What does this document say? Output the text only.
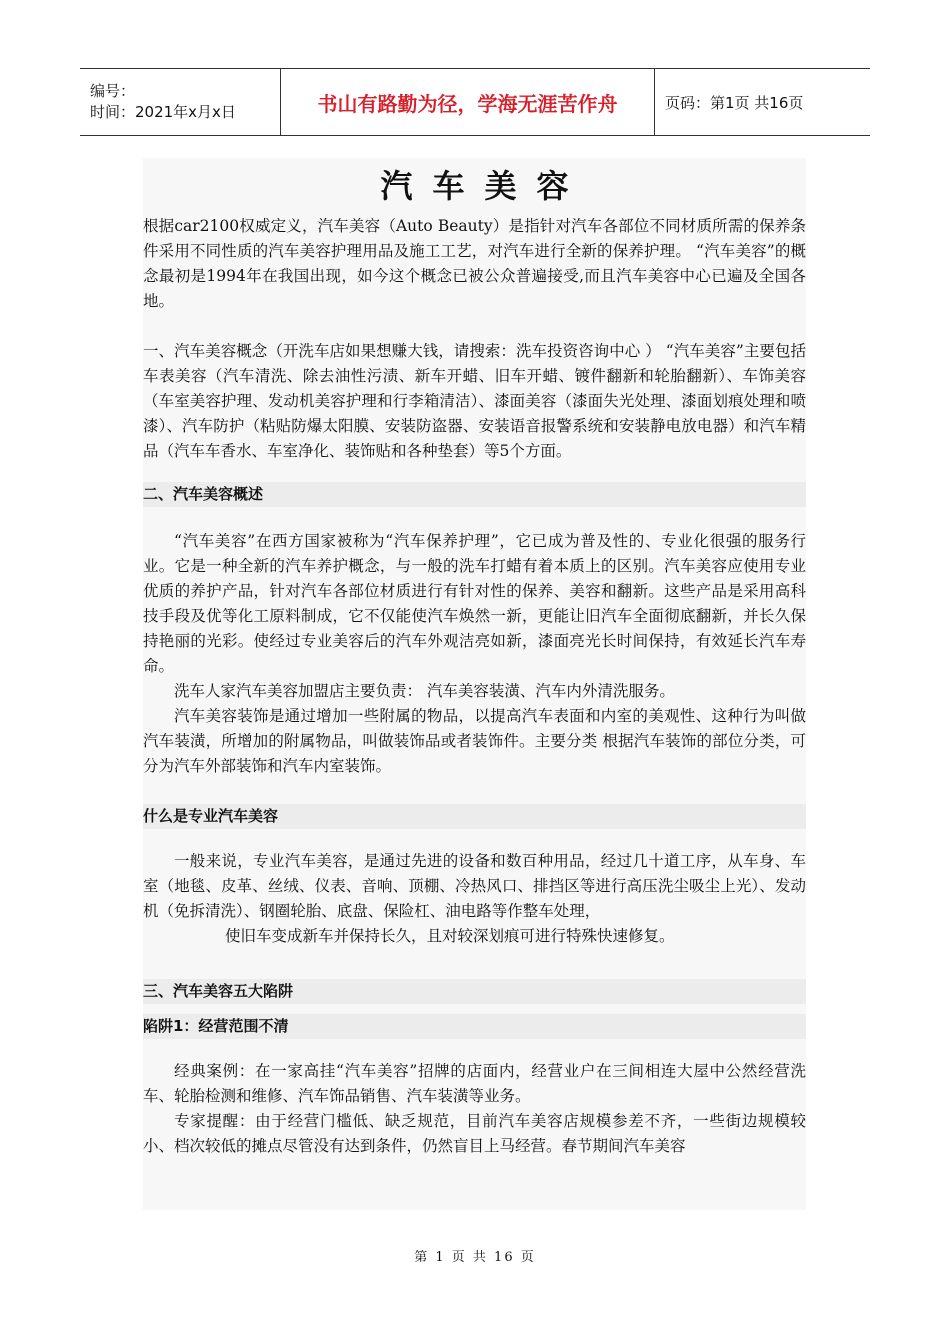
编号：
时间：2021年x月x日	书山有路勤为径，学海无涯苦作舟	页码：第1页 共16页
汽车美容

根据car2100权威定义，汽车美容（Auto Beauty）是指针对汽车各部位不同材质所需的保养条件采用不同性质的汽车美容护理用品及施工工艺，对汽车进行全新的保养护理。 “汽车美容”的概念最初是1994年在我国出现，如今这个概念已被公众普遍接受,而且汽车美容中心已遍及全国各地。

一、汽车美容概念（开洗车店如果想赚大钱，请搜索：洗车投资咨询中心 ） “汽车美容”主要包括车表美容（汽车清洗、除去油性污渍、新车开蜡、旧车开蜡、镀件翻新和轮胎翻新）、车饰美容（车室美容护理、发动机美容护理和行李箱清洁）、漆面美容（漆面失光处理、漆面划痕处理和喷漆）、汽车防护（粘贴防爆太阳膜、安装防盗器、安装语音报警系统和安装静电放电器）和汽车精品（汽车车香水、车室净化、装饰贴和各种垫套）等5个方面。

二、汽车美容概述

“汽车美容”在西方国家被称为“汽车保养护理”，它已成为普及性的、专业化很强的服务行业。它是一种全新的汽车养护概念，与一般的洗车打蜡有着本质上的区别。汽车美容应使用专业优质的养护产品，针对汽车各部位材质进行有针对性的保养、美容和翻新。这些产品是采用高科技手段及优等化工原料制成，它不仅能使汽车焕然一新，更能让旧汽车全面彻底翻新，并长久保持艳丽的光彩。使经过专业美容后的汽车外观洁亮如新，漆面亮光长时间保持，有效延长汽车寿命。

洗车人家汽车美容加盟店主要负责： 汽车美容装潢、汽车内外清洗服务。

汽车美容装饰是通过增加一些附属的物品，以提高汽车表面和内室的美观性、这种行为叫做汽车装潢，所增加的附属物品，叫做装饰品或者装饰件。主要分类 根据汽车装饰的部位分类，可分为汽车外部装饰和汽车内室装饰。

什么是专业汽车美容

一般来说，专业汽车美容，是通过先进的设备和数百种用品，经过几十道工序，从车身、车室（地毯、皮革、丝绒、仪表、音响、顶棚、冷热风口、排挡区等进行高压洗尘吸尘上光）、发动机（免拆清洗）、钢圈轮胎、底盘、保险杠、油电路等作整车处理，

使旧车变成新车并保持长久，且对较深划痕可进行特殊快速修复。

三、汽车美容五大陷阱
陷阱1：经营范围不清

经典案例：在一家高挂“汽车美容”招牌的店面内，经营业户在三间相连大屋中公然经营洗车、轮胎检测和维修、汽车饰品销售、汽车装潢等业务。

专家提醒：由于经营门槛低、缺乏规范，目前汽车美容店规模参差不齐，一些街边规模较小、档次较低的摊点尽管没有达到条件，仍然盲目上马经营。春节期间汽车美容

第 1 页 共 16 页
